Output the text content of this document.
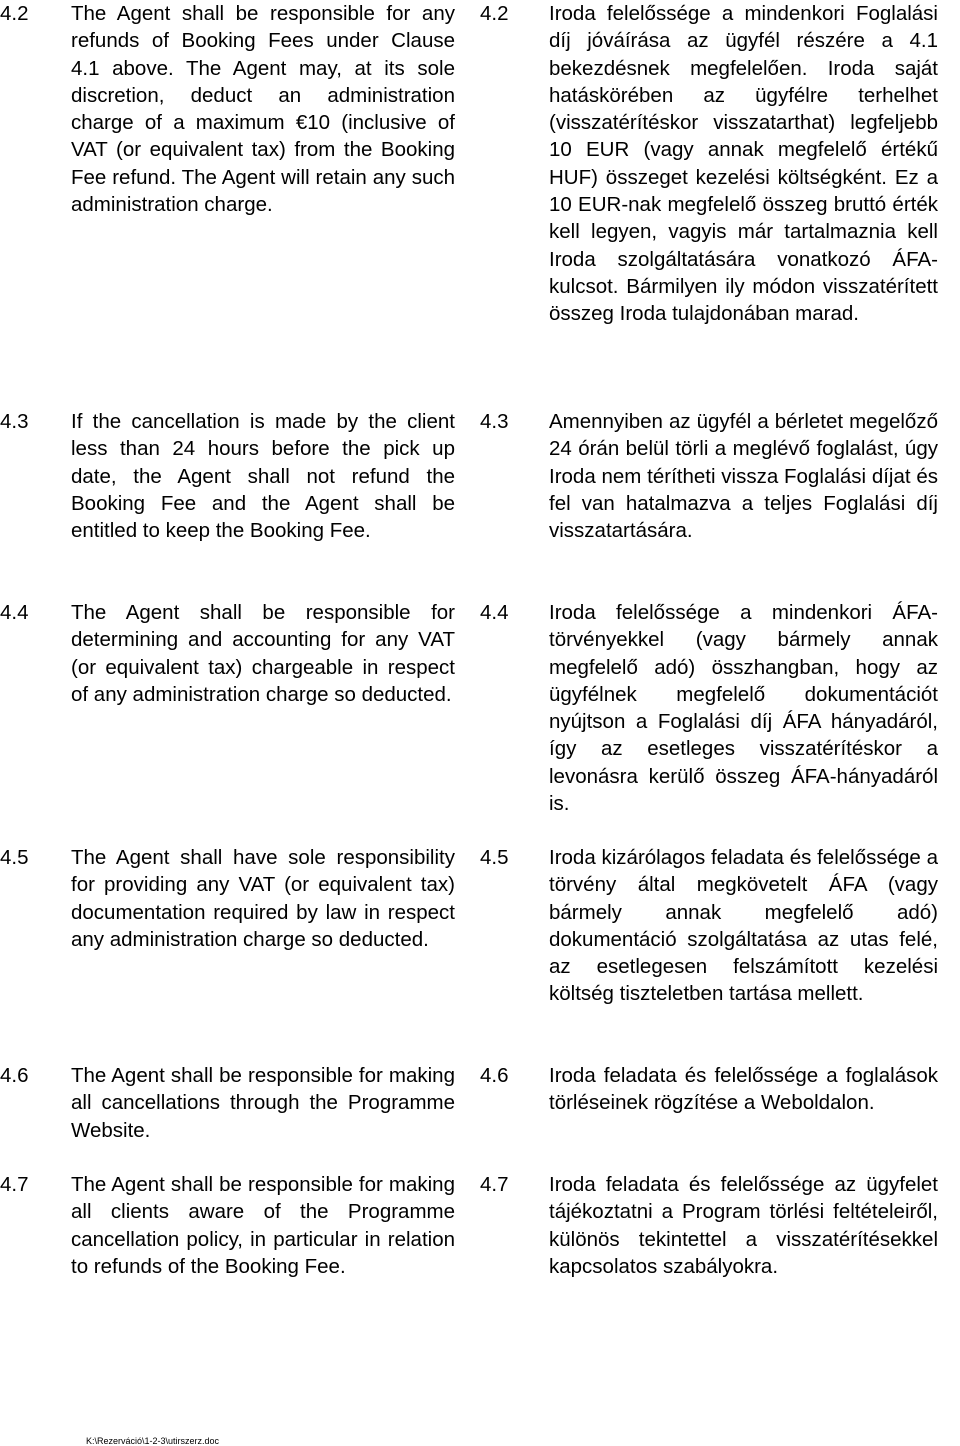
4.2 The Agent shall be responsible for any refunds of Booking Fees under Clause 4.1 above. The Agent may, at its sole discretion, deduct an administration charge of a maximum €10 (inclusive of VAT (or equivalent tax) from the Booking Fee refund. The Agent will retain any such administration charge.
4.3 If the cancellation is made by the client less than 24 hours before the pick up date, the Agent shall not refund the Booking Fee and the Agent shall be entitled to keep the Booking Fee.
4.4 The Agent shall be responsible for determining and accounting for any VAT (or equivalent tax) chargeable in respect of any administration charge so deducted.
4.5 The Agent shall have sole responsibility for providing any VAT (or equivalent tax) documentation required by law in respect any administration charge so deducted.
4.6 The Agent shall be responsible for making all cancellations through the Programme Website.
4.7 The Agent shall be responsible for making all clients aware of the Programme cancellation policy, in particular in relation to refunds of the Booking Fee.
4.2 Iroda felelőssége a mindenkori Foglalási díj jóváírása az ügyfél részére a 4.1 bekezdésnek megfelelően. Iroda saját hatáskörében az ügyfélre terhelhet (visszatérítéskor visszatarthat) legfeljebb 10 EUR (vagy annak megfelelő értékű HUF) összeget kezelési költségként. Ez a 10 EUR-nak megfelelő összeg bruttó érték kell legyen, vagyis már tartalmaznia kell Iroda szolgáltatására vonatkozó ÁFA-kulcsot. Bármilyen ily módon visszatérített összeg Iroda tulajdonában marad.
4.3 Amennyiben az ügyfél a bérletet megelőző 24 órán belül törli a meglévő foglalást, úgy Iroda nem térítheti vissza Foglalási díjat és fel van hatalmazva a teljes Foglalási díj visszatartására.
4.4 Iroda felelőssége a mindenkori ÁFA-törvényekkel (vagy bármely annak megfelelő adó) összhangban, hogy az ügyfélnek megfelelő dokumentációt nyújtson a Foglalási díj ÁFA hányadáról, így az esetleges visszatérítéskor a levonásra kerülő összeg ÁFA-hányadáról is.
4.5 Iroda kizárólagos feladata és felelőssége a törvény által megkövetelt ÁFA (vagy bármely annak megfelelő adó) dokumentáció szolgáltatása az utas felé, az esetlegesen felszámított kezelési költség tiszteletben tartása mellett.
4.6 Iroda feladata és felelőssége a foglalások törléseinek rögzítése a Weboldalon.
4.7 Iroda feladata és felelőssége az ügyfelet tájékoztatni a Program törlési feltételeiről, különös tekintettel a visszatérítésekkel kapcsolatos szabályokra.
K:\Rezerváció\1-2-3\utirszerz.doc
